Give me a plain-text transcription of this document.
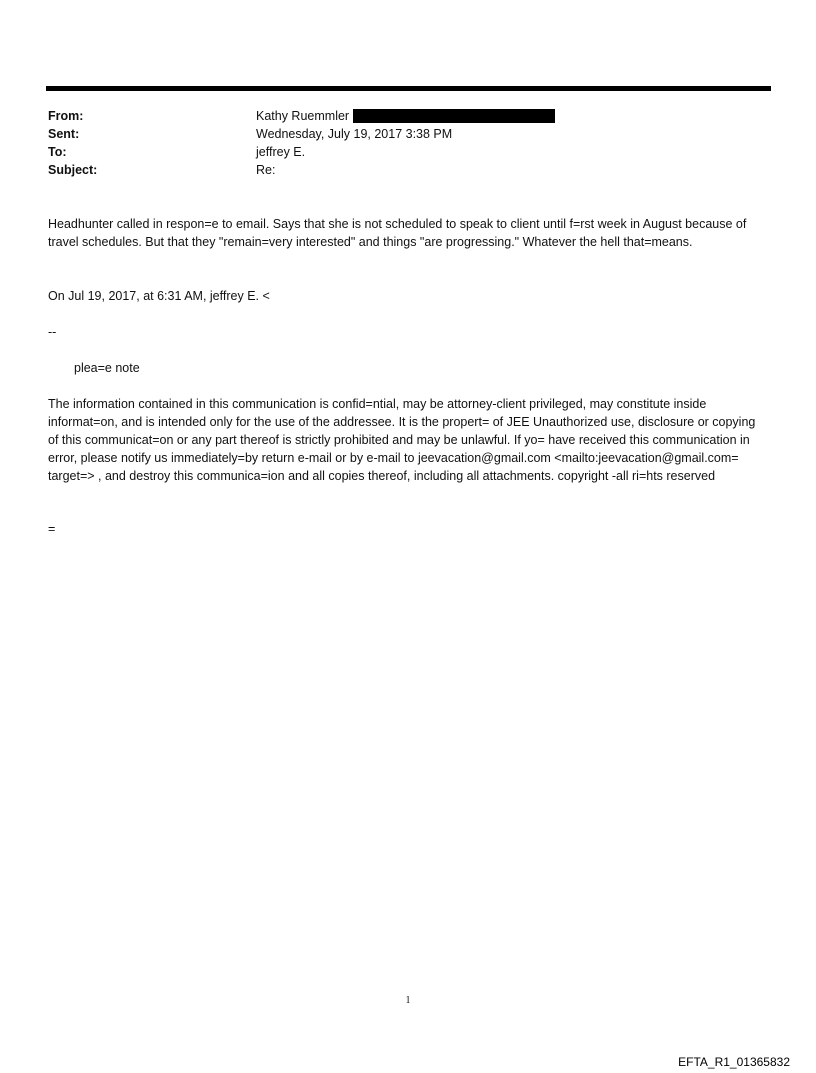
From:	Kathy Ruemmler
Sent:	Wednesday, July 19, 2017 3:38 PM
To:	jeffrey E.
Subject:	Re:
Headhunter called in respon=e to email. Says that she is not scheduled to speak to client until f=rst week in August because of travel schedules. But that they "remain=very interested" and things "are progressing." Whatever the hell that=means.
On Jul 19, 2017, at 6:31 AM, jeffrey E. <
--
plea=e note
The information contained in this communication is confid=ntial, may be attorney-client privileged, may constitute inside informat=on, and is intended only for the use of the addressee. It is the propert= of JEE Unauthorized use, disclosure or copying of this communicat=on or any part thereof is strictly prohibited and may be unlawful. If yo= have received this communication in error, please notify us immediately=by return e-mail or by e-mail to jeevacation@gmail.com <mailto:jeevacation@gmail.com= target=> , and destroy this communica=ion and all copies thereof, including all attachments. copyright -all ri=hts reserved
=
1
EFTA_R1_01365832
